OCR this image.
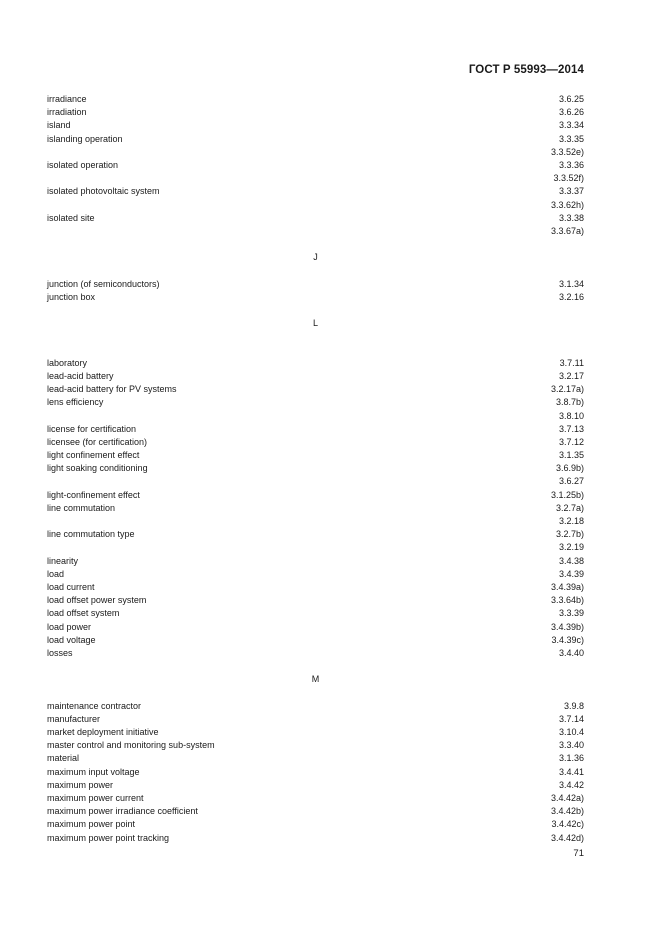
ГОСТ Р 55993—2014
irradiance	3.6.25
irradiation	3.6.26
island	3.3.34
islanding operation	3.3.35
3.3.52e)
isolated operation	3.3.36
3.3.52f)
isolated photovoltaic system	3.3.37
3.3.62h)
isolated site	3.3.38
3.3.67a)
J
junction (of semiconductors)	3.1.34
junction box	3.2.16
L
laboratory	3.7.11
lead-acid battery	3.2.17
lead-acid battery for PV systems	3.2.17a)
lens efficiency	3.8.7b)
3.8.10
license for certification	3.7.13
licensee (for certification)	3.7.12
light confinement effect	3.1.35
light soaking conditioning	3.6.9b)
3.6.27
light-confinement effect	3.1.25b)
line commutation	3.2.7a)
3.2.18
line commutation type	3.2.7b)
3.2.19
linearity	3.4.38
load	3.4.39
load current	3.4.39a)
load offset power system	3.3.64b)
load offset system	3.3.39
load power	3.4.39b)
load voltage	3.4.39c)
losses	3.4.40
M
maintenance contractor	3.9.8
manufacturer	3.7.14
market deployment initiative	3.10.4
master control and monitoring sub-system	3.3.40
material	3.1.36
maximum input voltage	3.4.41
maximum power	3.4.42
maximum power current	3.4.42a)
maximum power irradiance coefficient	3.4.42b)
maximum power point	3.4.42c)
maximum power point tracking	3.4.42d)
71
